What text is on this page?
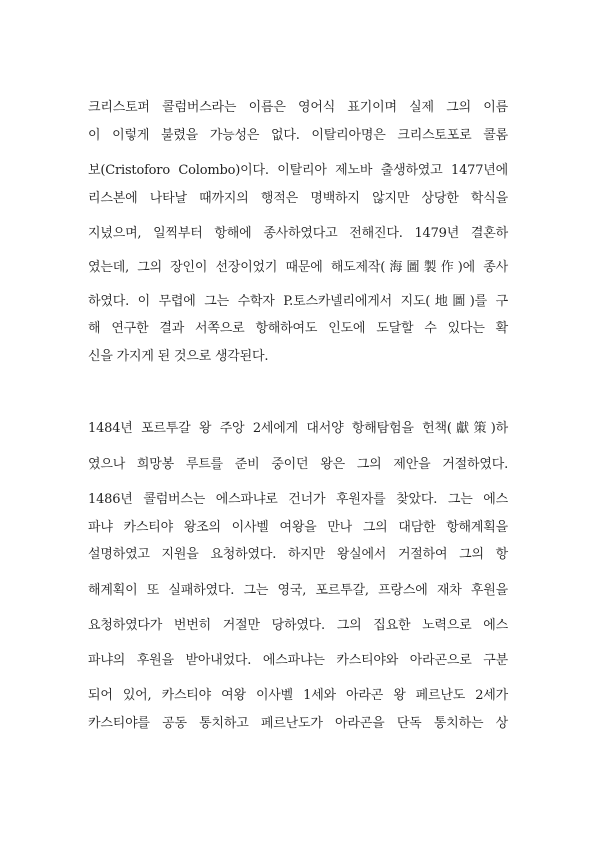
크리스토퍼 콜럼버스라는 이름은 영어식 표기이며 실제 그의 이름
이 이렇게 불렸을 가능성은 없다. 이탈리아명은 크리스토포로 콜롬
보(Cristoforo Colombo)이다. 이탈리아 제노바 출생하였고 1477년에
리스본에 나타날 때까지의 행적은 명백하지 않지만 상당한 학식을
지녔으며, 일찍부터 항해에 종사하였다고 전해진다. 1479년 결혼하
였는데, 그의 장인이 선장이었기 때문에 해도제작(海圖製作)에 종사
하였다. 이 무렵에 그는 수학자 P.토스카넬리에게서 지도(地圖)를 구
해 연구한 결과 서쪽으로 항해하여도 인도에 도달할 수 있다는 확
신을 가지게 된 것으로 생각된다.
1484년 포르투갈 왕 주앙 2세에게 대서양 항해탐험을 헌책(獻策)하
였으나 희망봉 루트를 준비 중이던 왕은 그의 제안을 거절하였다.
1486년 콜럼버스는 에스파냐로 건너가 후원자를 찾았다. 그는 에스
파냐 카스티야 왕조의 이사벨 여왕을 만나 그의 대담한 항해계획을
설명하였고 지원을 요청하였다. 하지만 왕실에서 거절하여 그의 항
해계획이 또 실패하였다. 그는 영국, 포르투갈, 프랑스에 재차 후원을
요청하였다가 번번히 거절만 당하였다. 그의 집요한 노력으로 에스
파냐의 후원을 받아내었다. 에스파냐는 카스티야와 아라곤으로 구분
되어 있어, 카스티야 여왕 이사벨 1세와 아라곤 왕 페르난도 2세가
카스티야를 공동 통치하고 페르난도가 아라곤을 단독 통치하는 상
